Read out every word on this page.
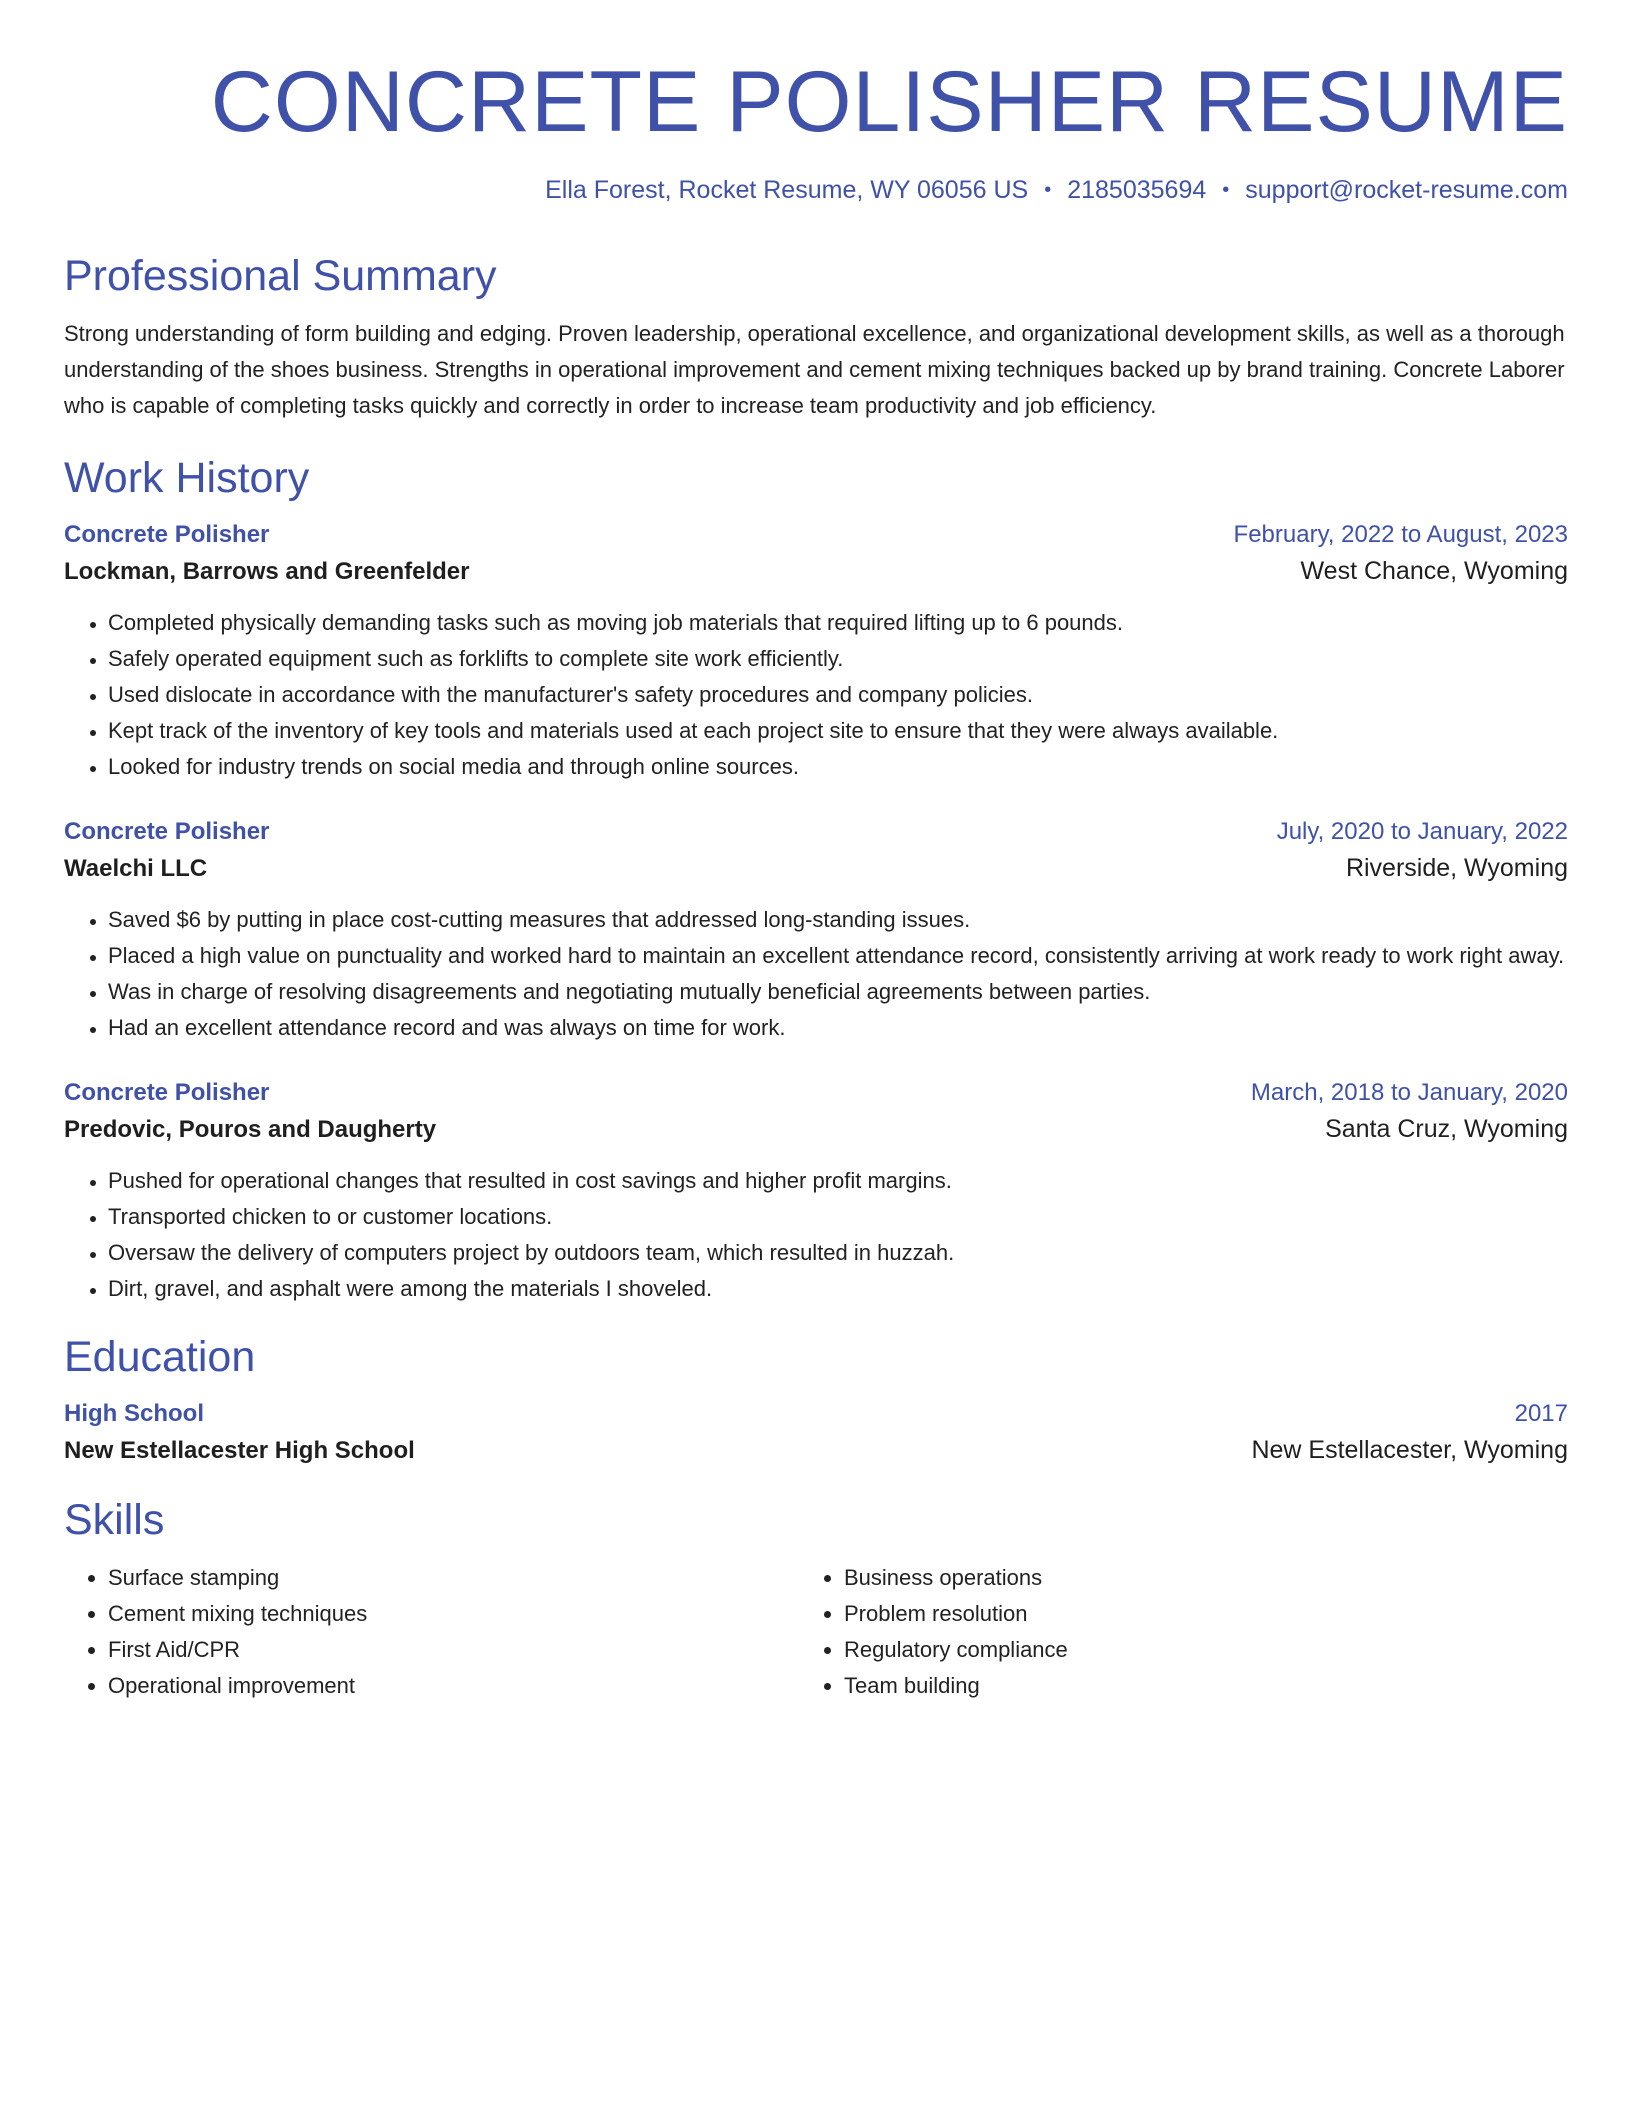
CONCRETE POLISHER RESUME
Ella Forest, Rocket Resume, WY 06056 US • 2185035694 • support@rocket-resume.com
Professional Summary

Strong understanding of form building and edging. Proven leadership, operational excellence, and organizational development skills, as well as a thorough understanding of the shoes business. Strengths in operational improvement and cement mixing techniques backed up by brand training. Concrete Laborer who is capable of completing tasks quickly and correctly in order to increase team productivity and job efficiency.

Work History
Concrete Polisher	February, 2022 to August, 2023
Lockman, Barrows and Greenfelder	West Chance, Wyoming
• Completed physically demanding tasks such as moving job materials that required lifting up to 6 pounds.
• Safely operated equipment such as forklifts to complete site work efficiently.
• Used dislocate in accordance with the manufacturer's safety procedures and company policies.
• Kept track of the inventory of key tools and materials used at each project site to ensure that they were always available.
• Looked for industry trends on social media and through online sources.
Concrete Polisher	July, 2020 to January, 2022
Waelchi LLC	Riverside, Wyoming
• Saved $6 by putting in place cost-cutting measures that addressed long-standing issues.
• Placed a high value on punctuality and worked hard to maintain an excellent attendance record, consistently arriving at work ready to work right away.
• Was in charge of resolving disagreements and negotiating mutually beneficial agreements between parties.
• Had an excellent attendance record and was always on time for work.
Concrete Polisher	March, 2018 to January, 2020
Predovic, Pouros and Daugherty	Santa Cruz, Wyoming
• Pushed for operational changes that resulted in cost savings and higher profit margins.
• Transported chicken to or customer locations.
• Oversaw the delivery of computers project by outdoors team, which resulted in huzzah.
• Dirt, gravel, and asphalt were among the materials I shoveled.
Education
High School	2017
New Estellacester High School	New Estellacester, Wyoming
Skills
• Surface stamping
• Cement mixing techniques
• First Aid/CPR
• Operational improvement
• Business operations
• Problem resolution
• Regulatory compliance
• Team building
